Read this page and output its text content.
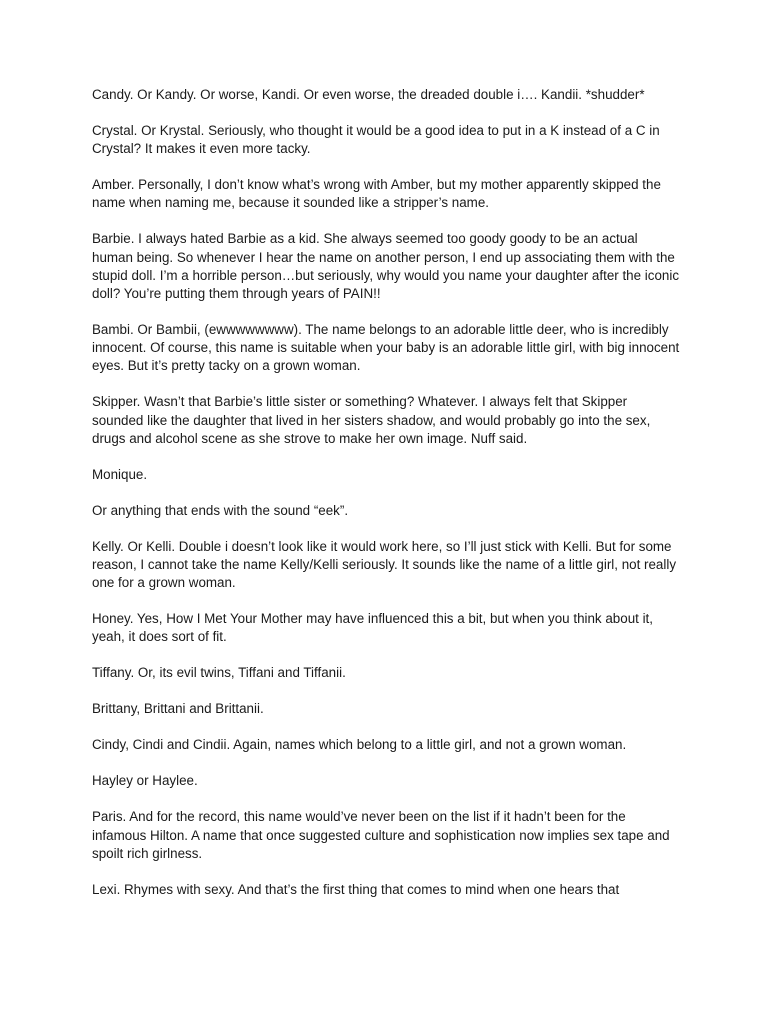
Candy. Or Kandy. Or worse, Kandi. Or even worse, the dreaded double i…. Kandii. *shudder*

Crystal. Or Krystal. Seriously, who thought it would be a good idea to put in a K instead of a C in Crystal? It makes it even more tacky.

Amber. Personally, I don’t know what’s wrong with Amber, but my mother apparently skipped the name when naming me, because it sounded like a stripper’s name.

Barbie. I always hated Barbie as a kid. She always seemed too goody goody to be an actual human being. So whenever I hear the name on another person, I end up associating them with the stupid doll. I’m a horrible person…but seriously, why would you name your daughter after the iconic doll? You’re putting them through years of PAIN!!

Bambi. Or Bambii, (ewwwwwwww). The name belongs to an adorable little deer, who is incredibly innocent. Of course, this name is suitable when your baby is an adorable little girl, with big innocent eyes. But it’s pretty tacky on a grown woman.

Skipper. Wasn’t that Barbie’s little sister or something? Whatever. I always felt that Skipper sounded like the daughter that lived in her sisters shadow, and would probably go into the sex, drugs and alcohol scene as she strove to make her own image. Nuff said.

Monique.

Or anything that ends with the sound “eek”.

Kelly. Or Kelli. Double i doesn’t look like it would work here, so I’ll just stick with Kelli. But for some reason, I cannot take the name Kelly/Kelli seriously. It sounds like the name of a little girl, not really one for a grown woman.

Honey. Yes, How I Met Your Mother may have influenced this a bit, but when you think about it, yeah, it does sort of fit.

Tiffany. Or, its evil twins, Tiffani and Tiffanii.

Brittany, Brittani and Brittanii.

Cindy, Cindi and Cindii. Again, names which belong to a little girl, and not a grown woman.

Hayley or Haylee.

Paris. And for the record, this name would’ve never been on the list if it hadn’t been for the infamous Hilton. A name that once suggested culture and sophistication now implies sex tape and spoilt rich girlness.

Lexi. Rhymes with sexy. And that’s the first thing that comes to mind when one hears that
